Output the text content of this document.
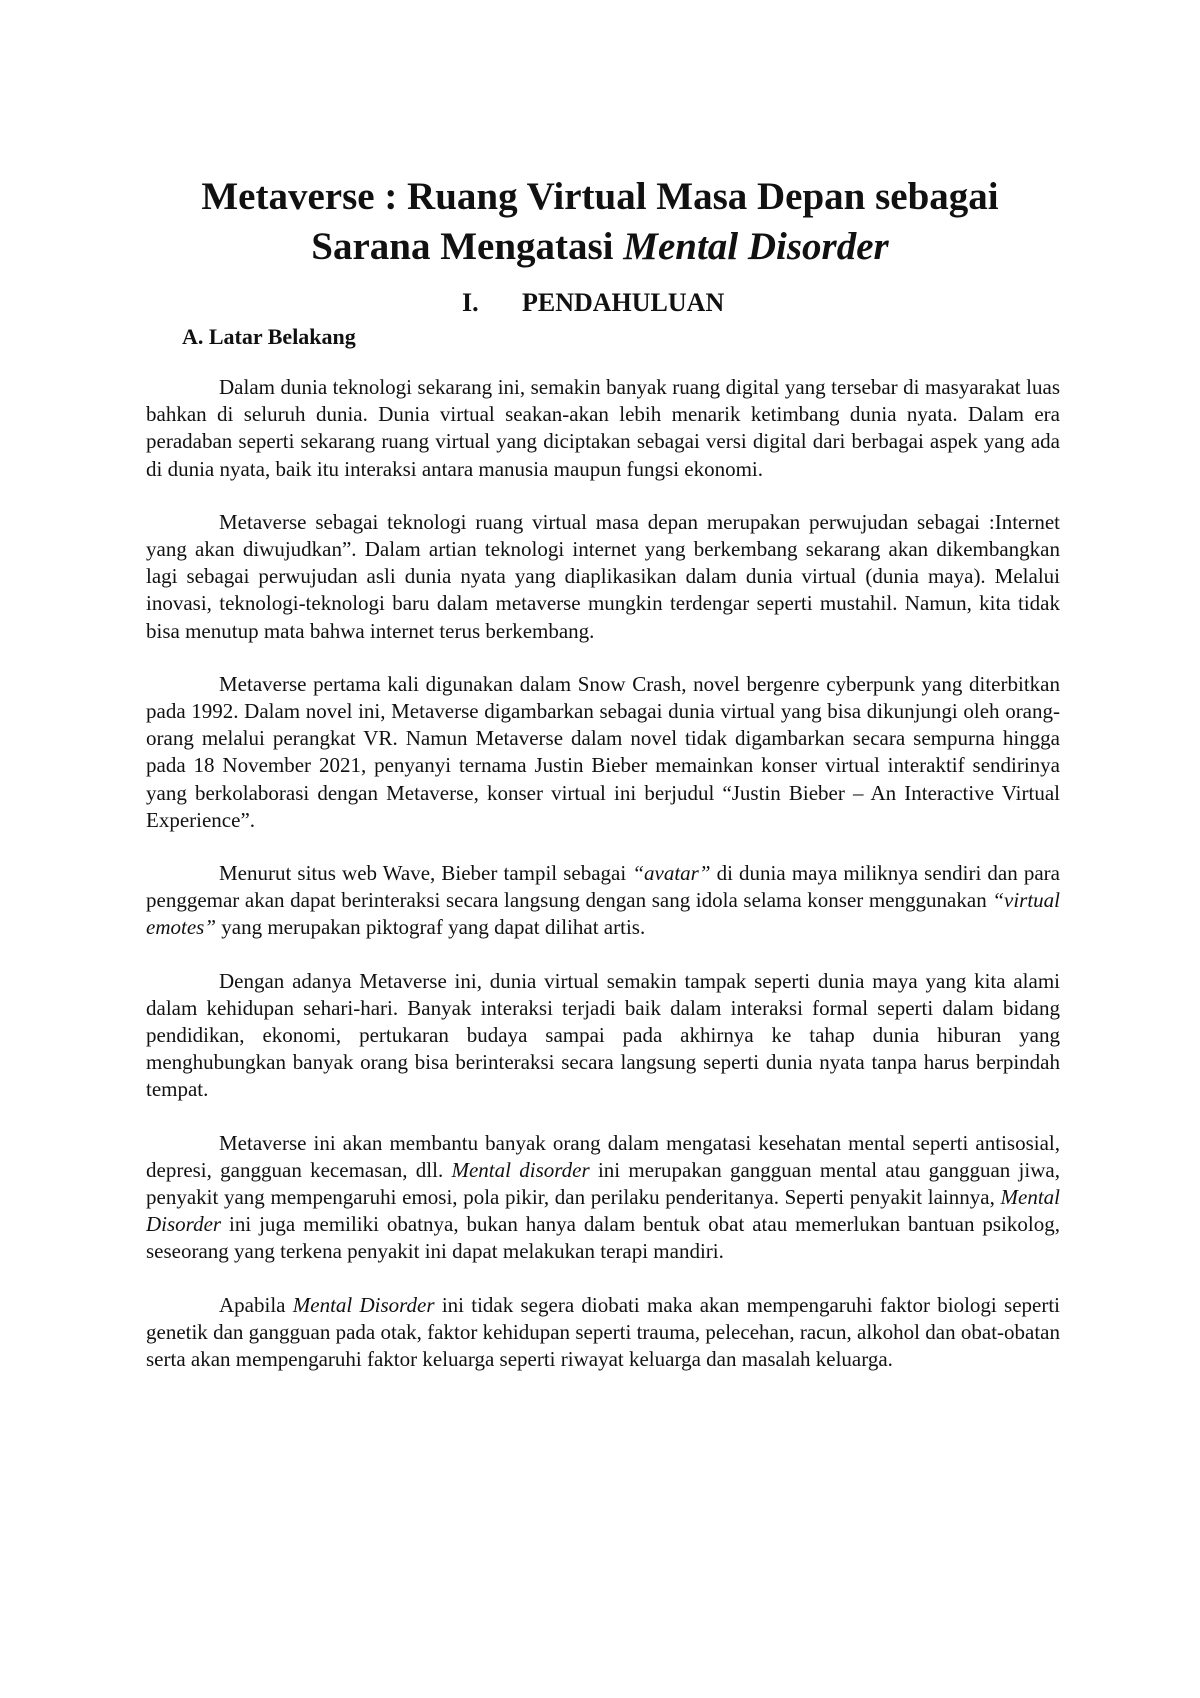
Metaverse : Ruang Virtual Masa Depan sebagai
Sarana Mengatasi Mental Disorder
I. PENDAHULUAN
A. Latar Belakang

Dalam dunia teknologi sekarang ini, semakin banyak ruang digital yang tersebar di masyarakat luas bahkan di seluruh dunia. Dunia virtual seakan-akan lebih menarik ketimbang dunia nyata. Dalam era peradaban seperti sekarang ruang virtual yang diciptakan sebagai versi digital dari berbagai aspek yang ada di dunia nyata, baik itu interaksi antara manusia maupun fungsi ekonomi.

Metaverse sebagai teknologi ruang virtual masa depan merupakan perwujudan sebagai :Internet yang akan diwujudkan”. Dalam artian teknologi internet yang berkembang sekarang akan dikembangkan lagi sebagai perwujudan asli dunia nyata yang diaplikasikan dalam dunia virtual (dunia maya). Melalui inovasi, teknologi-teknologi baru dalam metaverse mungkin terdengar seperti mustahil. Namun, kita tidak bisa menutup mata bahwa internet terus berkembang.

Metaverse pertama kali digunakan dalam Snow Crash, novel bergenre cyberpunk yang diterbitkan pada 1992. Dalam novel ini, Metaverse digambarkan sebagai dunia virtual yang bisa dikunjungi oleh orang-orang melalui perangkat VR. Namun Metaverse dalam novel tidak digambarkan secara sempurna hingga pada 18 November 2021, penyanyi ternama Justin Bieber memainkan konser virtual interaktif sendirinya yang berkolaborasi dengan Metaverse, konser virtual ini berjudul “Justin Bieber – An Interactive Virtual Experience”.

Menurut situs web Wave, Bieber tampil sebagai “avatar” di dunia maya miliknya sendiri dan para penggemar akan dapat berinteraksi secara langsung dengan sang idola selama konser menggunakan “virtual emotes” yang merupakan piktograf yang dapat dilihat artis.

Dengan adanya Metaverse ini, dunia virtual semakin tampak seperti dunia maya yang kita alami dalam kehidupan sehari-hari. Banyak interaksi terjadi baik dalam interaksi formal seperti dalam bidang pendidikan, ekonomi, pertukaran budaya sampai pada akhirnya ke tahap dunia hiburan yang menghubungkan banyak orang bisa berinteraksi secara langsung seperti dunia nyata tanpa harus berpindah tempat.

Metaverse ini akan membantu banyak orang dalam mengatasi kesehatan mental seperti antisosial, depresi, gangguan kecemasan, dll. Mental disorder ini merupakan gangguan mental atau gangguan jiwa, penyakit yang mempengaruhi emosi, pola pikir, dan perilaku penderitanya. Seperti penyakit lainnya, Mental Disorder ini juga memiliki obatnya, bukan hanya dalam bentuk obat atau memerlukan bantuan psikolog, seseorang yang terkena penyakit ini dapat melakukan terapi mandiri.

Apabila Mental Disorder ini tidak segera diobati maka akan mempengaruhi faktor biologi seperti genetik dan gangguan pada otak, faktor kehidupan seperti trauma, pelecehan, racun, alkohol dan obat-obatan serta akan mempengaruhi faktor keluarga seperti riwayat keluarga dan masalah keluarga.
